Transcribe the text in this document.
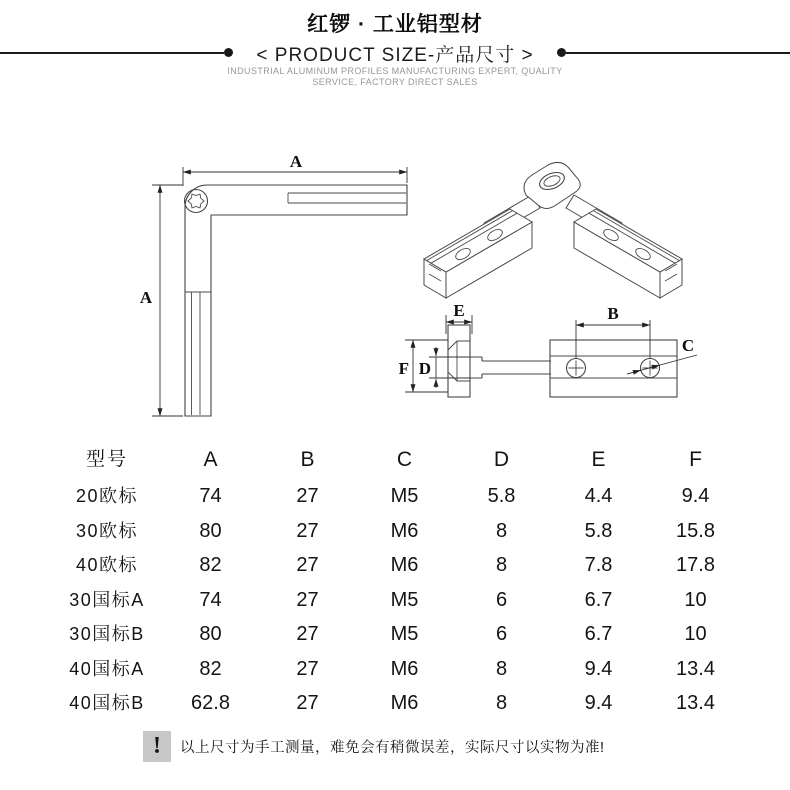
红锣 · 工业铝型材
< PRODUCT SIZE-产品尺寸 >
INDUSTRIAL ALUMINUM PROFILES MANUFACTURING EXPERT, QUALITY
SERVICE, FACTORY DIRECT SALES
A
A
E
F D
B
C
型号	A	B	C	D	E	F
20欧标	74	27	M5	5.8	4.4	9.4
30欧标	80	27	M6	8	5.8	15.8
40欧标	82	27	M6	8	7.8	17.8
30国标A	74	27	M5	6	6.7	10
30国标B	80	27	M5	6	6.7	10
40国标A	82	27	M6	8	9.4	13.4
40国标B	62.8	27	M6	8	9.4	13.4
!	以上尺寸为手工测量，难免会有稍微误差，实际尺寸以实物为准!
